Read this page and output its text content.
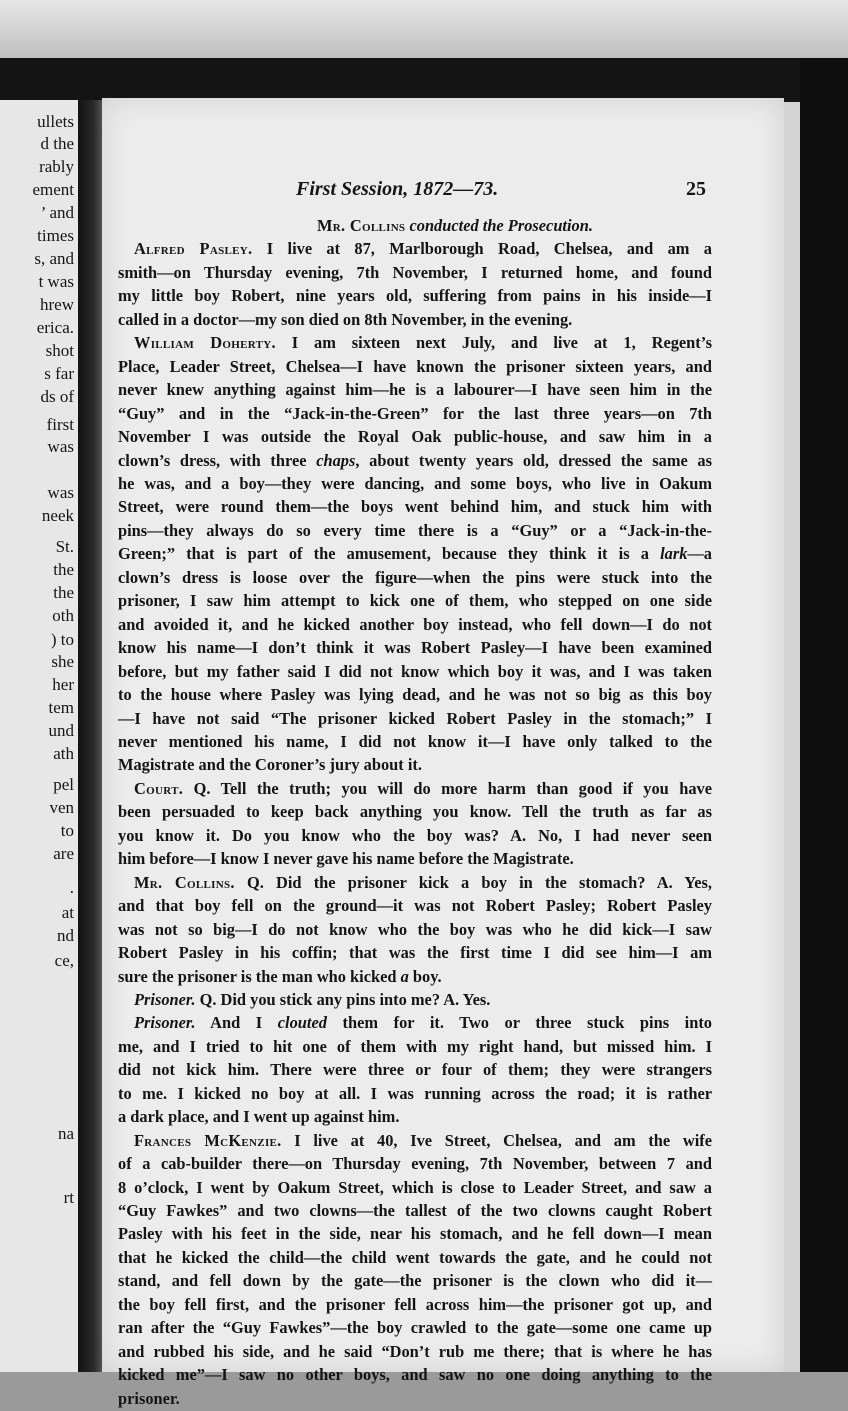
ullets
d the
rably
ement
’ and
times
s, and
t was
hrew
erica.
shot
s far
ds of
first
was
was
neek
St.
the
the
oth
) to
she
her
tem
und
ath
pel
ven
to
are
.
at
nd
ce,
na
rt
First Session, 1872—73.	25

Mr. Collins conducted the Prosecution.

Alfred Pasley. I live at 87, Marlborough Road, Chelsea, and am a
smith—on Thursday evening, 7th November, I returned home, and found
my little boy Robert, nine years old, suffering from pains in his inside—I
called in a doctor—my son died on 8th November, in the evening.
William Doherty. I am sixteen next July, and live at 1, Regent’s
Place, Leader Street, Chelsea—I have known the prisoner sixteen years, and
never knew anything against him—he is a labourer—I have seen him in the
“Guy” and in the “Jack-in-the-Green” for the last three years—on 7th
November I was outside the Royal Oak public-house, and saw him in a
clown’s dress, with three chaps, about twenty years old, dressed the same as
he was, and a boy—they were dancing, and some boys, who live in Oakum
Street, were round them—the boys went behind him, and stuck him with
pins—they always do so every time there is a “Guy” or a “Jack-in-the-
Green;” that is part of the amusement, because they think it is a lark—a
clown’s dress is loose over the figure—when the pins were stuck into the
prisoner, I saw him attempt to kick one of them, who stepped on one side
and avoided it, and he kicked another boy instead, who fell down—I do not
know his name—I don’t think it was Robert Pasley—I have been examined
before, but my father said I did not know which boy it was, and I was taken
to the house where Pasley was lying dead, and he was not so big as this boy
—I have not said “The prisoner kicked Robert Pasley in the stomach;” I
never mentioned his name, I did not know it—I have only talked to the
Magistrate and the Coroner’s jury about it.
Court. Q. Tell the truth; you will do more harm than good if you have
been persuaded to keep back anything you know. Tell the truth as far as
you know it. Do you know who the boy was? A. No, I had never seen
him before—I know I never gave his name before the Magistrate.
Mr. Collins. Q. Did the prisoner kick a boy in the stomach? A. Yes,
and that boy fell on the ground—it was not Robert Pasley; Robert Pasley
was not so big—I do not know who the boy was who he did kick—I saw
Robert Pasley in his coffin; that was the first time I did see him—I am
sure the prisoner is the man who kicked a boy.
Prisoner. Q. Did you stick any pins into me? A. Yes.
Prisoner. And I clouted them for it. Two or three stuck pins into
me, and I tried to hit one of them with my right hand, but missed him. I
did not kick him. There were three or four of them; they were strangers
to me. I kicked no boy at all. I was running across the road; it is rather
a dark place, and I went up against him.
Frances McKenzie. I live at 40, Ive Street, Chelsea, and am the wife
of a cab-builder there—on Thursday evening, 7th November, between 7 and
8 o’clock, I went by Oakum Street, which is close to Leader Street, and saw a
“Guy Fawkes” and two clowns—the tallest of the two clowns caught Robert
Pasley with his feet in the side, near his stomach, and he fell down—I mean
that he kicked the child—the child went towards the gate, and he could not
stand, and fell down by the gate—the prisoner is the clown who did it—
the boy fell first, and the prisoner fell across him—the prisoner got up, and
ran after the “Guy Fawkes”—the boy crawled to the gate—some one came up
and rubbed his side, and he said “Don’t rub me there; that is where he has
kicked me”—I saw no other boys, and saw no one doing anything to the
prisoner.
